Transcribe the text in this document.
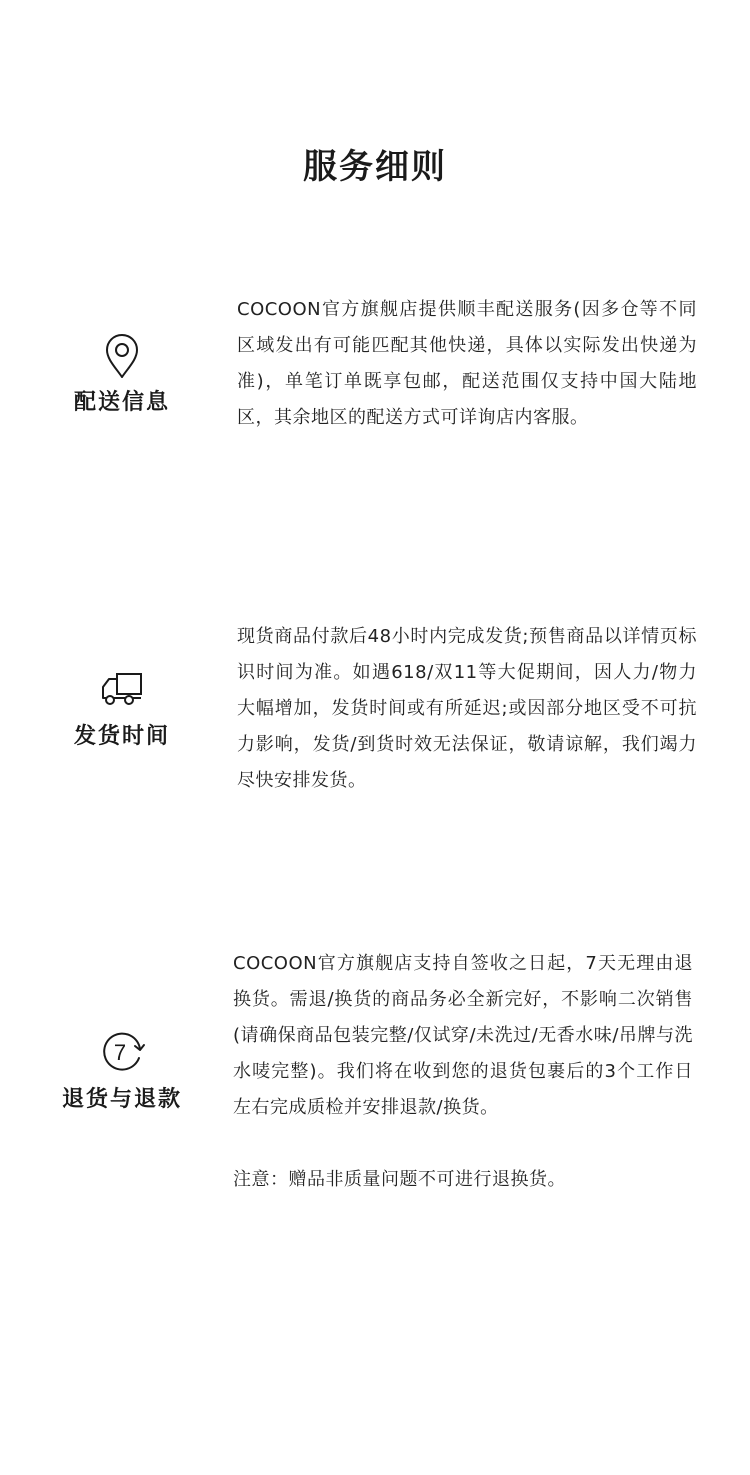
服务细则
配送信息
COCOON官方旗舰店提供顺丰配送服务(因多仓等不同区域发出有可能匹配其他快递，具体以实际发出快递为准)，单笔订单既享包邮，配送范围仅支持中国大陆地区，其余地区的配送方式可详询店内客服。
发货时间
现货商品付款后48小时内完成发货;预售商品以详情页标识时间为准。如遇618/双11等大促期间，因人力/物力大幅增加，发货时间或有所延迟;或因部分地区受不可抗力影响，发货/到货时效无法保证，敬请谅解，我们竭力尽快安排发货。
7
退货与退款
COCOON官方旗舰店支持自签收之日起，7天无理由退换货。需退/换货的商品务必全新完好，不影响二次销售　(请确保商品包装完整/仅试穿/未洗过/无香水味/吊牌与洗水唛完整)。我们将在收到您的退货包裹后的3个工作日左右完成质检并安排退款/换货。
注意：赠品非质量问题不可进行退换货。
